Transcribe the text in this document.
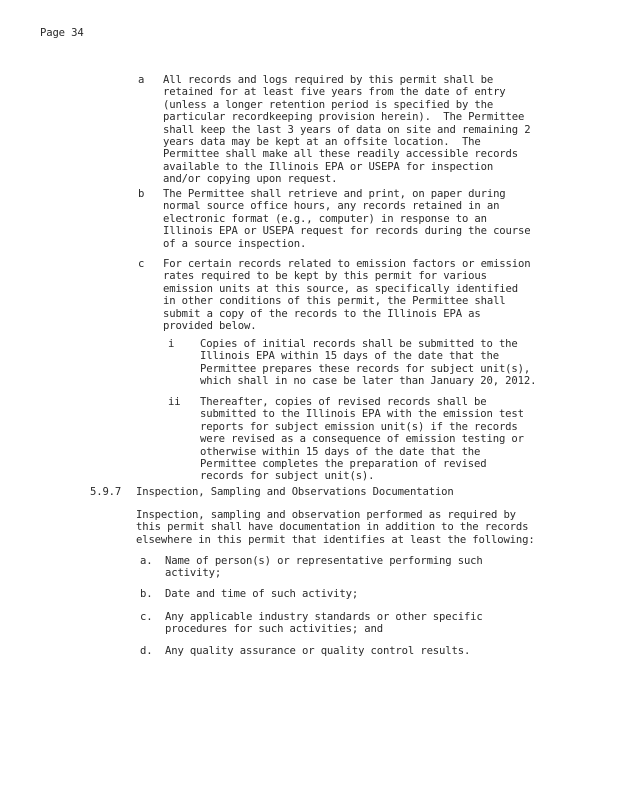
Page 34
a All records and logs required by this permit shall be
retained for at least five years from the date of entry
(unless a longer retention period is specified by the
particular recordkeeping provision herein).  The Permittee
shall keep the last 3 years of data on site and remaining 2
years data may be kept at an offsite location.  The
Permittee shall make all these readily accessible records
available to the Illinois EPA or USEPA for inspection
and/or copying upon request.
b The Permittee shall retrieve and print, on paper during
normal source office hours, any records retained in an
electronic format (e.g., computer) in response to an
Illinois EPA or USEPA request for records during the course
of a source inspection.
c For certain records related to emission factors or emission
rates required to be kept by this permit for various
emission units at this source, as specifically identified
in other conditions of this permit, the Permittee shall
submit a copy of the records to the Illinois EPA as
provided below.
i Copies of initial records shall be submitted to the
Illinois EPA within 15 days of the date that the
Permittee prepares these records for subject unit(s),
which shall in no case be later than January 20, 2012.
ii Thereafter, copies of revised records shall be
submitted to the Illinois EPA with the emission test
reports for subject emission unit(s) if the records
were revised as a consequence of emission testing or
otherwise within 15 days of the date that the
Permittee completes the preparation of revised
records for subject unit(s).
5.9.7 Inspection, Sampling and Observations Documentation
Inspection, sampling and observation performed as required by
this permit shall have documentation in addition to the records
elsewhere in this permit that identifies at least the following:
a. Name of person(s) or representative performing such
activity;
b. Date and time of such activity;
c. Any applicable industry standards or other specific
procedures for such activities; and
d. Any quality assurance or quality control results.
